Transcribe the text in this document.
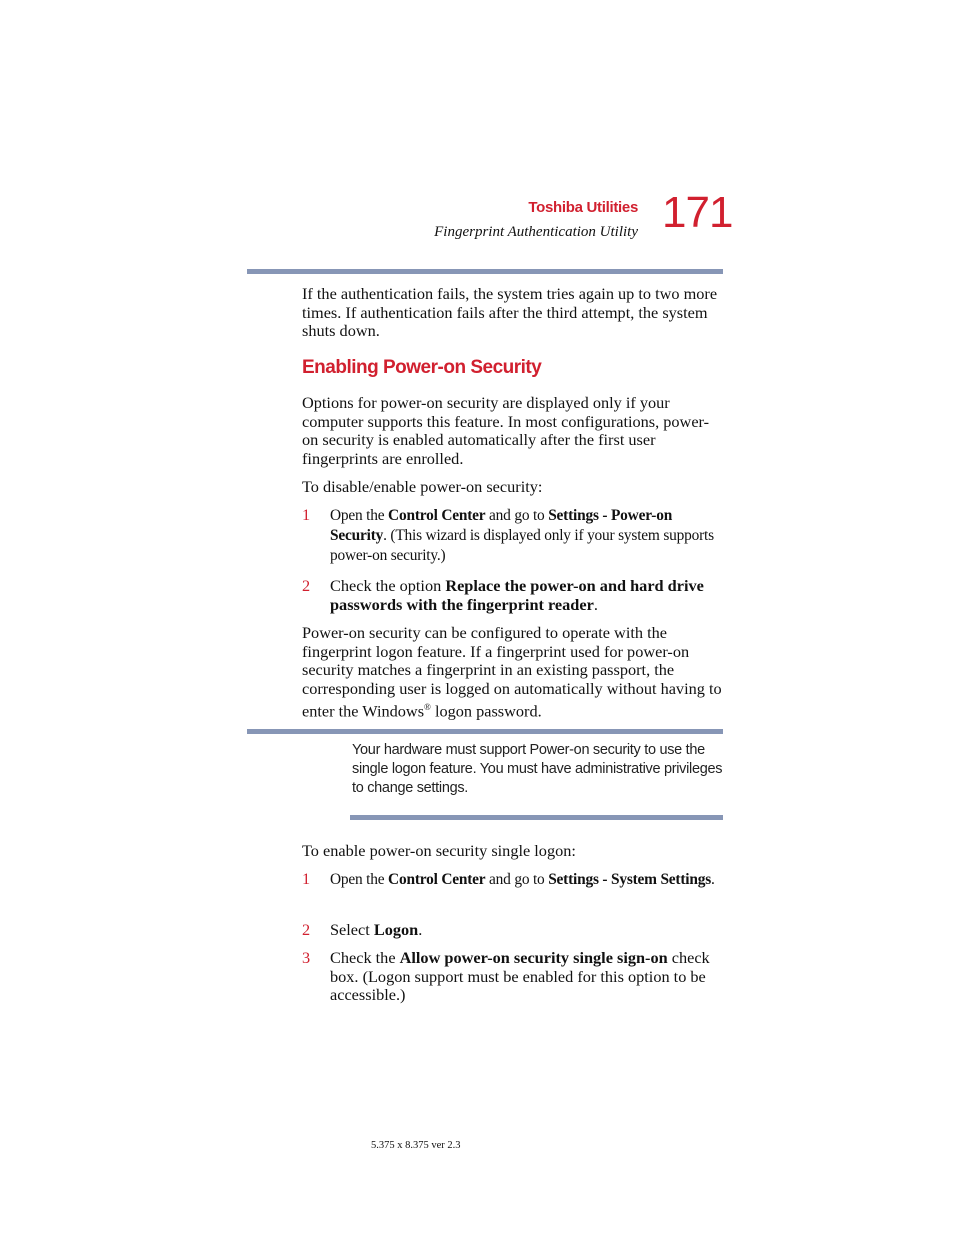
Toshiba Utilities
Fingerprint Authentication Utility 171
If the authentication fails, the system tries again up to two more times. If authentication fails after the third attempt, the system shuts down.
Enabling Power-on Security
Options for power-on security are displayed only if your computer supports this feature. In most configurations, power-on security is enabled automatically after the first user fingerprints are enrolled.
To disable/enable power-on security:
1 Open the Control Center and go to Settings - Power-on Security. (This wizard is displayed only if your system supports power-on security.)
2 Check the option Replace the power-on and hard drive passwords with the fingerprint reader.
Power-on security can be configured to operate with the fingerprint logon feature. If a fingerprint used for power-on security matches a fingerprint in an existing passport, the corresponding user is logged on automatically without having to enter the Windows® logon password.
Your hardware must support Power-on security to use the single logon feature. You must have administrative privileges to change settings.
To enable power-on security single logon:
1 Open the Control Center and go to Settings - System Settings.
2 Select Logon.
3 Check the Allow power-on security single sign-on check box. (Logon support must be enabled for this option to be accessible.)
5.375 x 8.375 ver 2.3
